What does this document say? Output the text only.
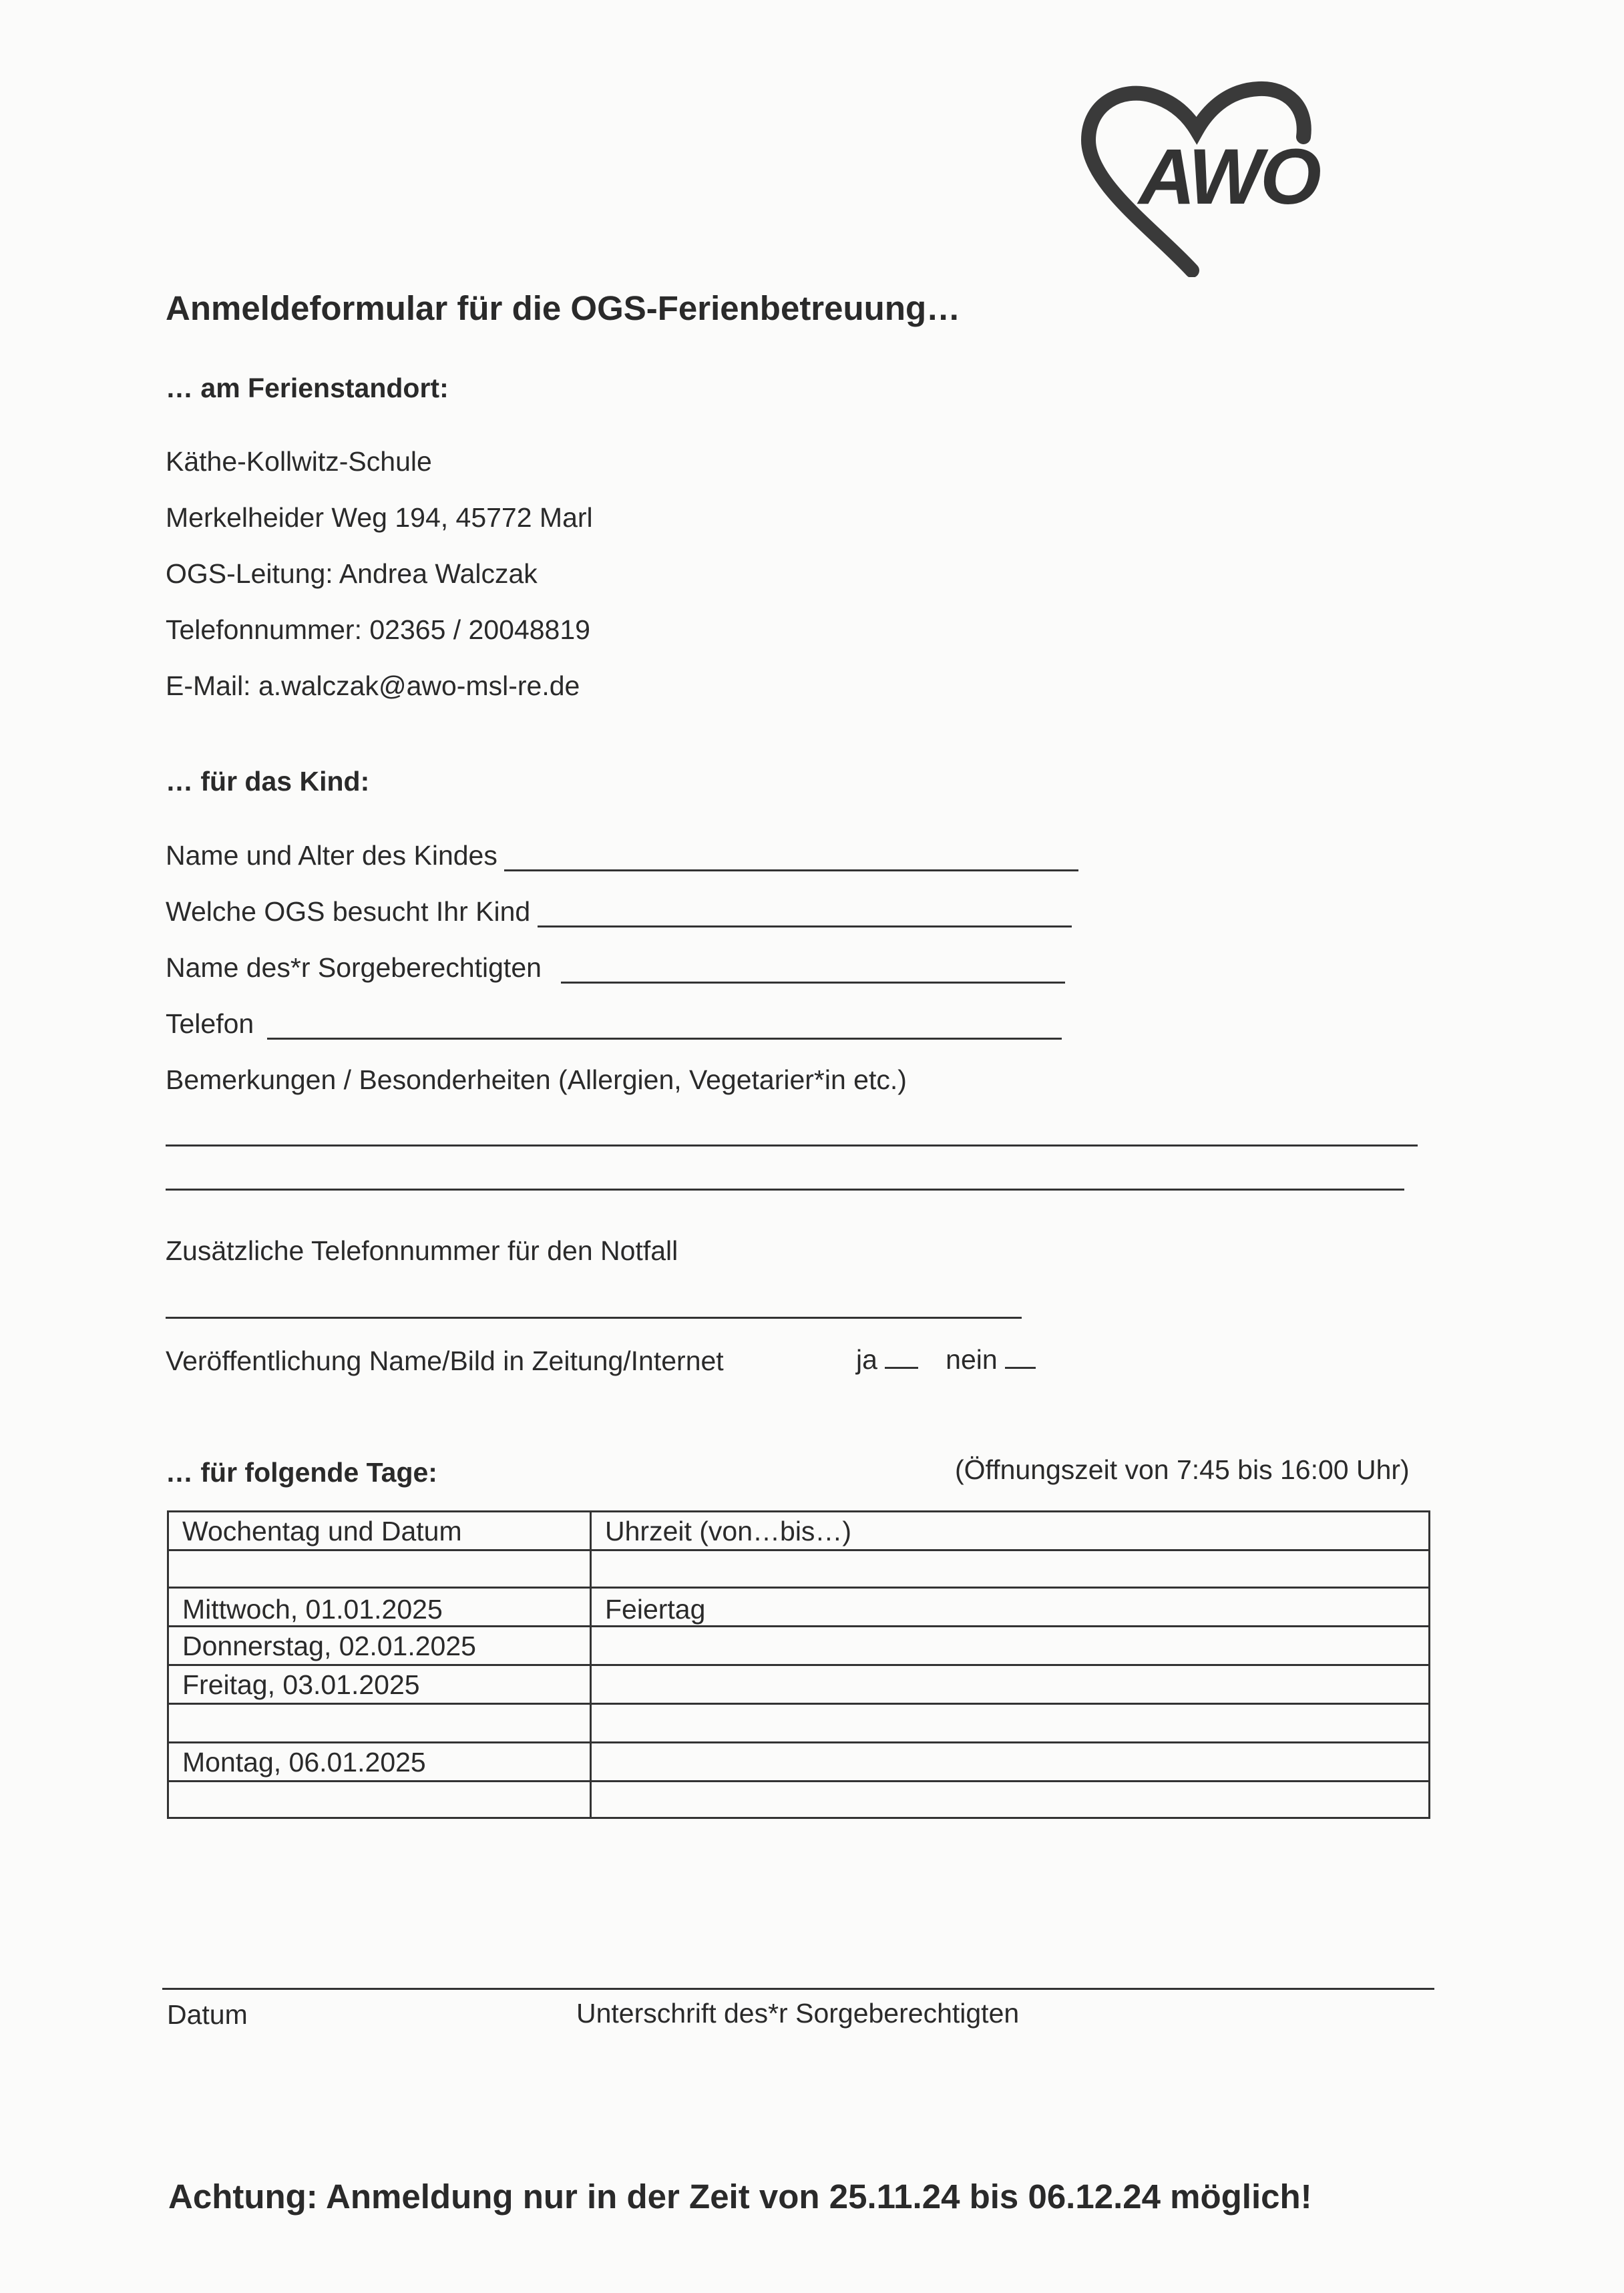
AWO
Anmeldeformular für die OGS-Ferienbetreuung…
… am Ferienstandort:
Käthe-Kollwitz-Schule
Merkelheider Weg 194, 45772 Marl
OGS-Leitung: Andrea Walczak
Telefonnummer: 02365 / 20048819
E-Mail: a.walczak@awo-msl-re.de
… für das Kind:
Name und Alter des Kindes
Welche OGS besucht Ihr Kind
Name des*r Sorgeberechtigten
Telefon
Bemerkungen / Besonderheiten (Allergien, Vegetarier*in etc.)
Zusätzliche Telefonnummer für den Notfall
Veröffentlichung Name/Bild in Zeitung/Internet	ja nein
… für folgende Tage:	(Öffnungszeit von 7:45 bis 16:00 Uhr)
Wochentag und Datum	Uhrzeit (von…bis…)
Mittwoch, 01.01.2025	Feiertag
Donnerstag, 02.01.2025
Freitag, 03.01.2025
Montag, 06.01.2025
Datum	Unterschrift des*r Sorgeberechtigten
Achtung: Anmeldung nur in der Zeit von 25.11.24 bis 06.12.24 möglich!
